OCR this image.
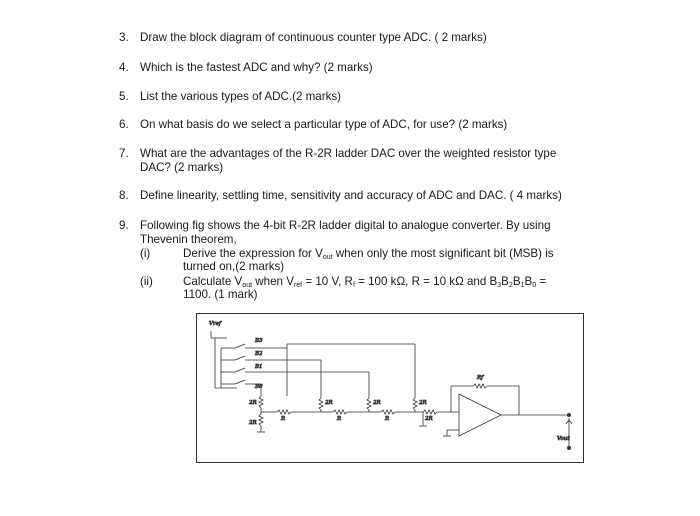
3. Draw the block diagram of continuous counter type ADC. ( 2 marks)
4. Which is the fastest ADC and why? (2 marks)
5. List the various types of ADC.(2 marks)
6. On what basis do we select a particular type of ADC, for use? (2 marks)
7. What are the advantages of the R-2R ladder DAC over the weighted resistor type
DAC? (2 marks)
8. Define linearity, settling time, sensitivity and accuracy of ADC and DAC. ( 4 marks)
9. Following fig shows the 4-bit R-2R ladder digital to analogue converter. By using
Thevenin theorem,
(i)	Derive the expression for $V_{out}$ when only the most significant bit (MSB) is
turned on,(2 marks)
(ii)	Calculate $V_{out}$ when $V_{ref} = 10$ V, $R_f = 100$ kΩ, R = 10 kΩ and $B_3B_2B_1B_0$ =
1100. (1 mark)
Vref
B3
B2
B1
B0
2R
2R
R
2R
R
2R
R
2R
2R
Rf
Vout
